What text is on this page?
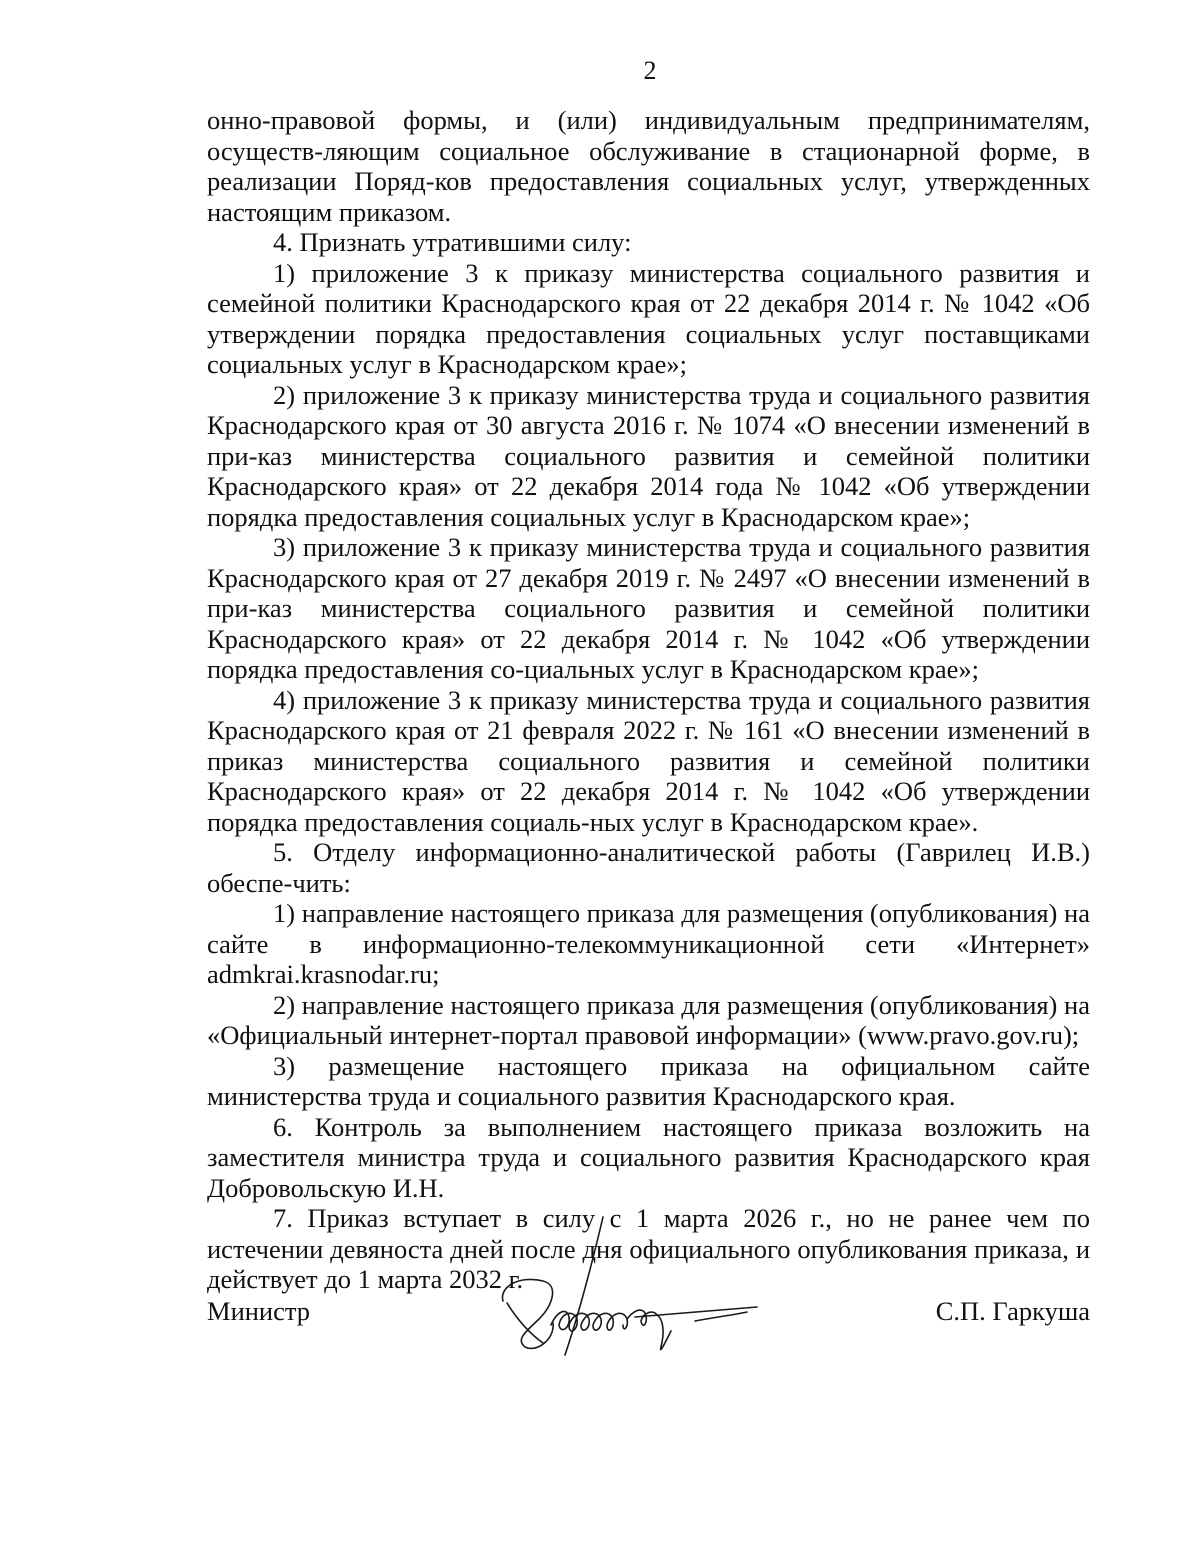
2

онно-правовой формы, и (или) индивидуальным предпринимателям, осуществ-ляющим социальное обслуживание в стационарной форме, в реализации Поряд-ков предоставления социальных услуг, утвержденных настоящим приказом.

4. Признать утратившими силу:

1) приложение 3 к приказу министерства социального развития и семейной политики Краснодарского края от 22 декабря 2014 г. № 1042 «Об утверждении порядка предоставления социальных услуг поставщиками социальных услуг в Краснодарском крае»;

2) приложение 3 к приказу министерства труда и социального развития Краснодарского края от 30 августа 2016 г. № 1074 «О внесении изменений в при-каз министерства социального развития и семейной политики Краснодарского края» от 22 декабря 2014 года № 1042 «Об утверждении порядка предоставления социальных услуг в Краснодарском крае»;

3) приложение 3 к приказу министерства труда и социального развития Краснодарского края от 27 декабря 2019 г. № 2497 «О внесении изменений в при-каз министерства социального развития и семейной политики Краснодарского края» от 22 декабря 2014 г. № 1042 «Об утверждении порядка предоставления со-циальных услуг в Краснодарском крае»;

4) приложение 3 к приказу министерства труда и социального развития Краснодарского края от 21 февраля 2022 г. № 161 «О внесении изменений в приказ министерства социального развития и семейной политики Краснодарского края» от 22 декабря 2014 г. № 1042 «Об утверждении порядка предоставления социаль-ных услуг в Краснодарском крае».

5. Отделу информационно-аналитической работы (Гаврилец И.В.) обеспе-чить:

1) направление настоящего приказа для размещения (опубликования) на сайте в информационно-телекоммуникационной сети «Интернет» admkrai.krasnodar.ru;

2) направление настоящего приказа для размещения (опубликования) на «Официальный интернет-портал правовой информации» (www.pravo.gov.ru);

3) размещение настоящего приказа на официальном сайте министерства труда и социального развития Краснодарского края.

6. Контроль за выполнением настоящего приказа возложить на заместителя министра труда и социального развития Краснодарского края Добровольскую И.Н.

7. Приказ вступает в силу с 1 марта 2026 г., но не ранее чем по истечении девяноста дней после дня официального опубликования приказа, и действует до 1 марта 2032 г.

Министр	С.П. Гаркуша
